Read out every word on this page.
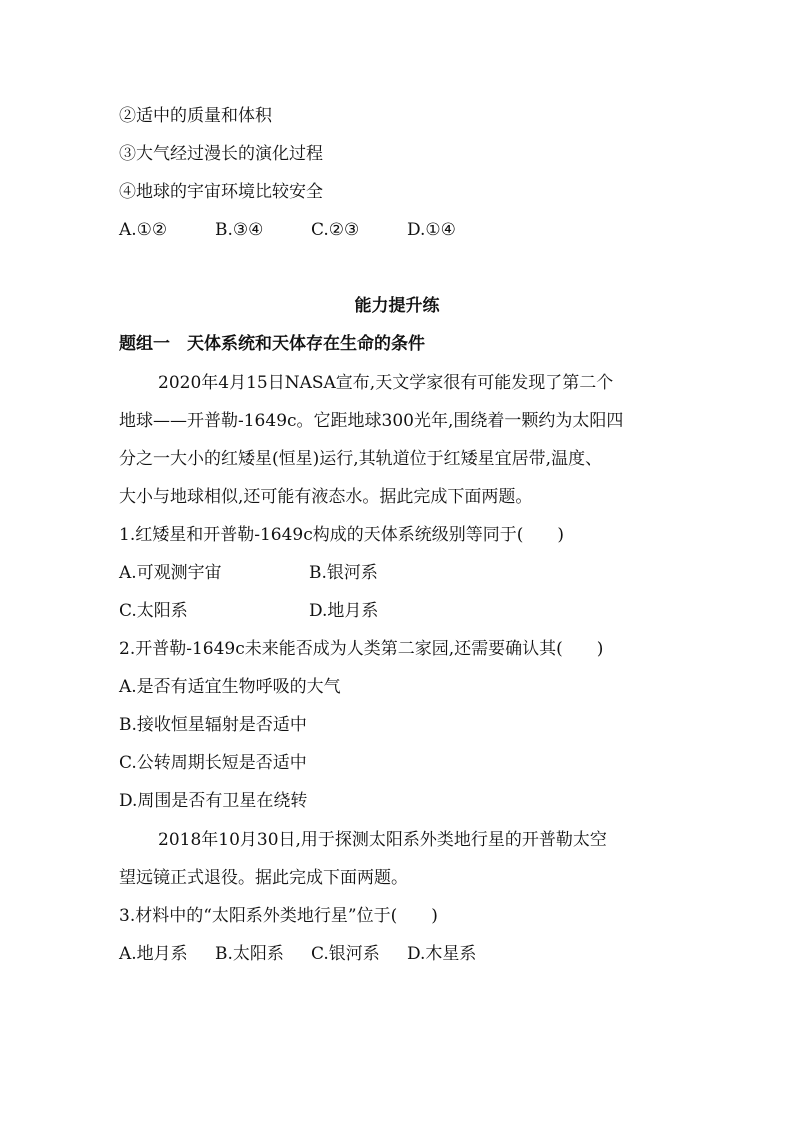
②适中的质量和体积
③大气经过漫长的演化过程
④地球的宇宙环境比较安全
A.①②	B.③④	C.②③	D.①④
能力提升练
题组一　天体系统和天体存在生命的条件
2020年4月15日NASA宣布,天文学家很有可能发现了第二个
地球——开普勒-1649c。它距地球300光年,围绕着一颗约为太阳四
分之一大小的红矮星(恒星)运行,其轨道位于红矮星宜居带,温度、
大小与地球相似,还可能有液态水。据此完成下面两题。
1.红矮星和开普勒-1649c构成的天体系统级别等同于(　　)
A.可观测宇宙	B.银河系
C.太阳系	D.地月系
2.开普勒-1649c未来能否成为人类第二家园,还需要确认其(　　)
A.是否有适宜生物呼吸的大气
B.接收恒星辐射是否适中
C.公转周期长短是否适中
D.周围是否有卫星在绕转
2018年10月30日,用于探测太阳系外类地行星的开普勒太空
望远镜正式退役。据此完成下面两题。
3.材料中的“太阳系外类地行星”位于(　　)
A.地月系 B.太阳系 C.银河系 D.木星系
